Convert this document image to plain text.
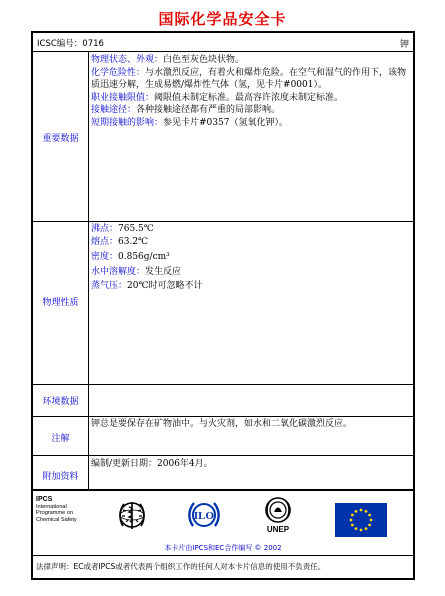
国际化学品安全卡
ICSC编号：0716	钾
重要数据
物理状态、外观：白色至灰色块状物。
化学危险性：与水激烈反应，有着火和爆炸危险。在空气和湿气的作用下，该物质迅速分解，生成易燃/爆炸性气体（氢，见卡片#0001）。
职业接触限值：阈限值未制定标准。最高容许浓度未制定标准。
接触途径：各种接触途径都有严重的局部影响。
短期接触的影响：参见卡片#0357（氢氧化钾）。
物理性质
沸点：765.5℃
熔点：63.2℃
密度：0.856g/cm³
水中溶解度：发生反应
蒸气压：20℃时可忽略不计
环境数据
注解
钾总是要保存在矿物油中。与火灾剂，如水和二氧化碳激烈反应。
附加资料
编制/更新日期：2006年4月。
IPCS
International
Programme on
Chemical Safety	ILO
UNEP
本卡片由IPCS和EC合作编写 © 2002
法律声明：EC或者IPCS或者代表两个组织工作的任何人对本卡片信息的使用不负责任。
